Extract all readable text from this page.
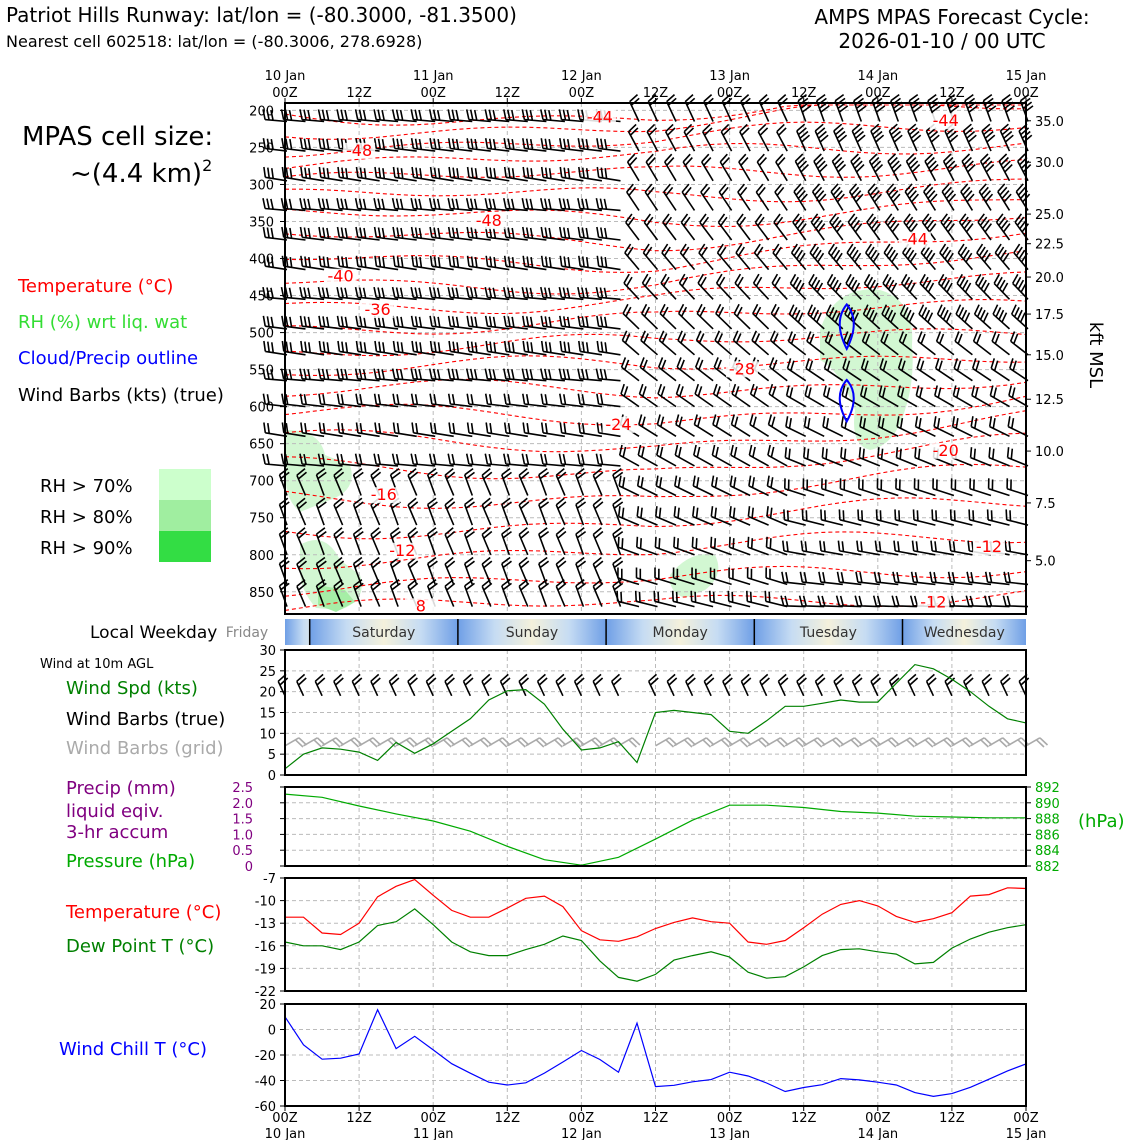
Patriot Hills Runway: lat/lon = (-80.3000, -81.3500)
Nearest cell 602518: lat/lon = (-80.3006, 278.6928)
AMPS MPAS Forecast Cycle:
2026-01-10 / 00 UTC
MPAS cell size:
~(4.4 km)$^2$
Temperature (°C)
RH (%) wrt liq. wat
Cloud/Precip outline
Wind Barbs (kts) (true)
RH > 70%
RH > 80%
RH > 90%
-44	-44
-48
-48
-44
-40
-36
-28
-24
-20
-16
-12	-12
-12
8
200
250
300
350
400
450
500
550
600
650
700
750
800
850
35.0
30.0
25.0
22.5
20.0
17.5
15.0
12.5
10.0
7.5
5.0
kft MSL
00Z
10 Jan
12Z	00Z
11 Jan
12Z	00Z
12 Jan
12Z	00Z
13 Jan
12Z	00Z
14 Jan
12Z	00Z
15 Jan
Local Weekday Friday	Saturday	Sunday	Monday	Tuesday	Wednesday
Wind at 10m AGL
Wind Spd (kts)
Wind Barbs (true)
Wind Barbs (grid)
0
5
10
15
20
25
30
Precip (mm)
liquid eqiv.
3-hr accum
Pressure (hPa)
(hPa)
0
0.5
1.0
1.5
2.0
2.5
882
884
886
888
890
892
Temperature (°C)
Dew Point T (°C)
-22
-19
-16
-13
-10
-7
Wind Chill T (°C)
-60
-40
-20
0
20
00Z
10 Jan
12Z	00Z
11 Jan
12Z	00Z
12 Jan
12Z	00Z
13 Jan
12Z	00Z
14 Jan
12Z	00Z
15 Jan
